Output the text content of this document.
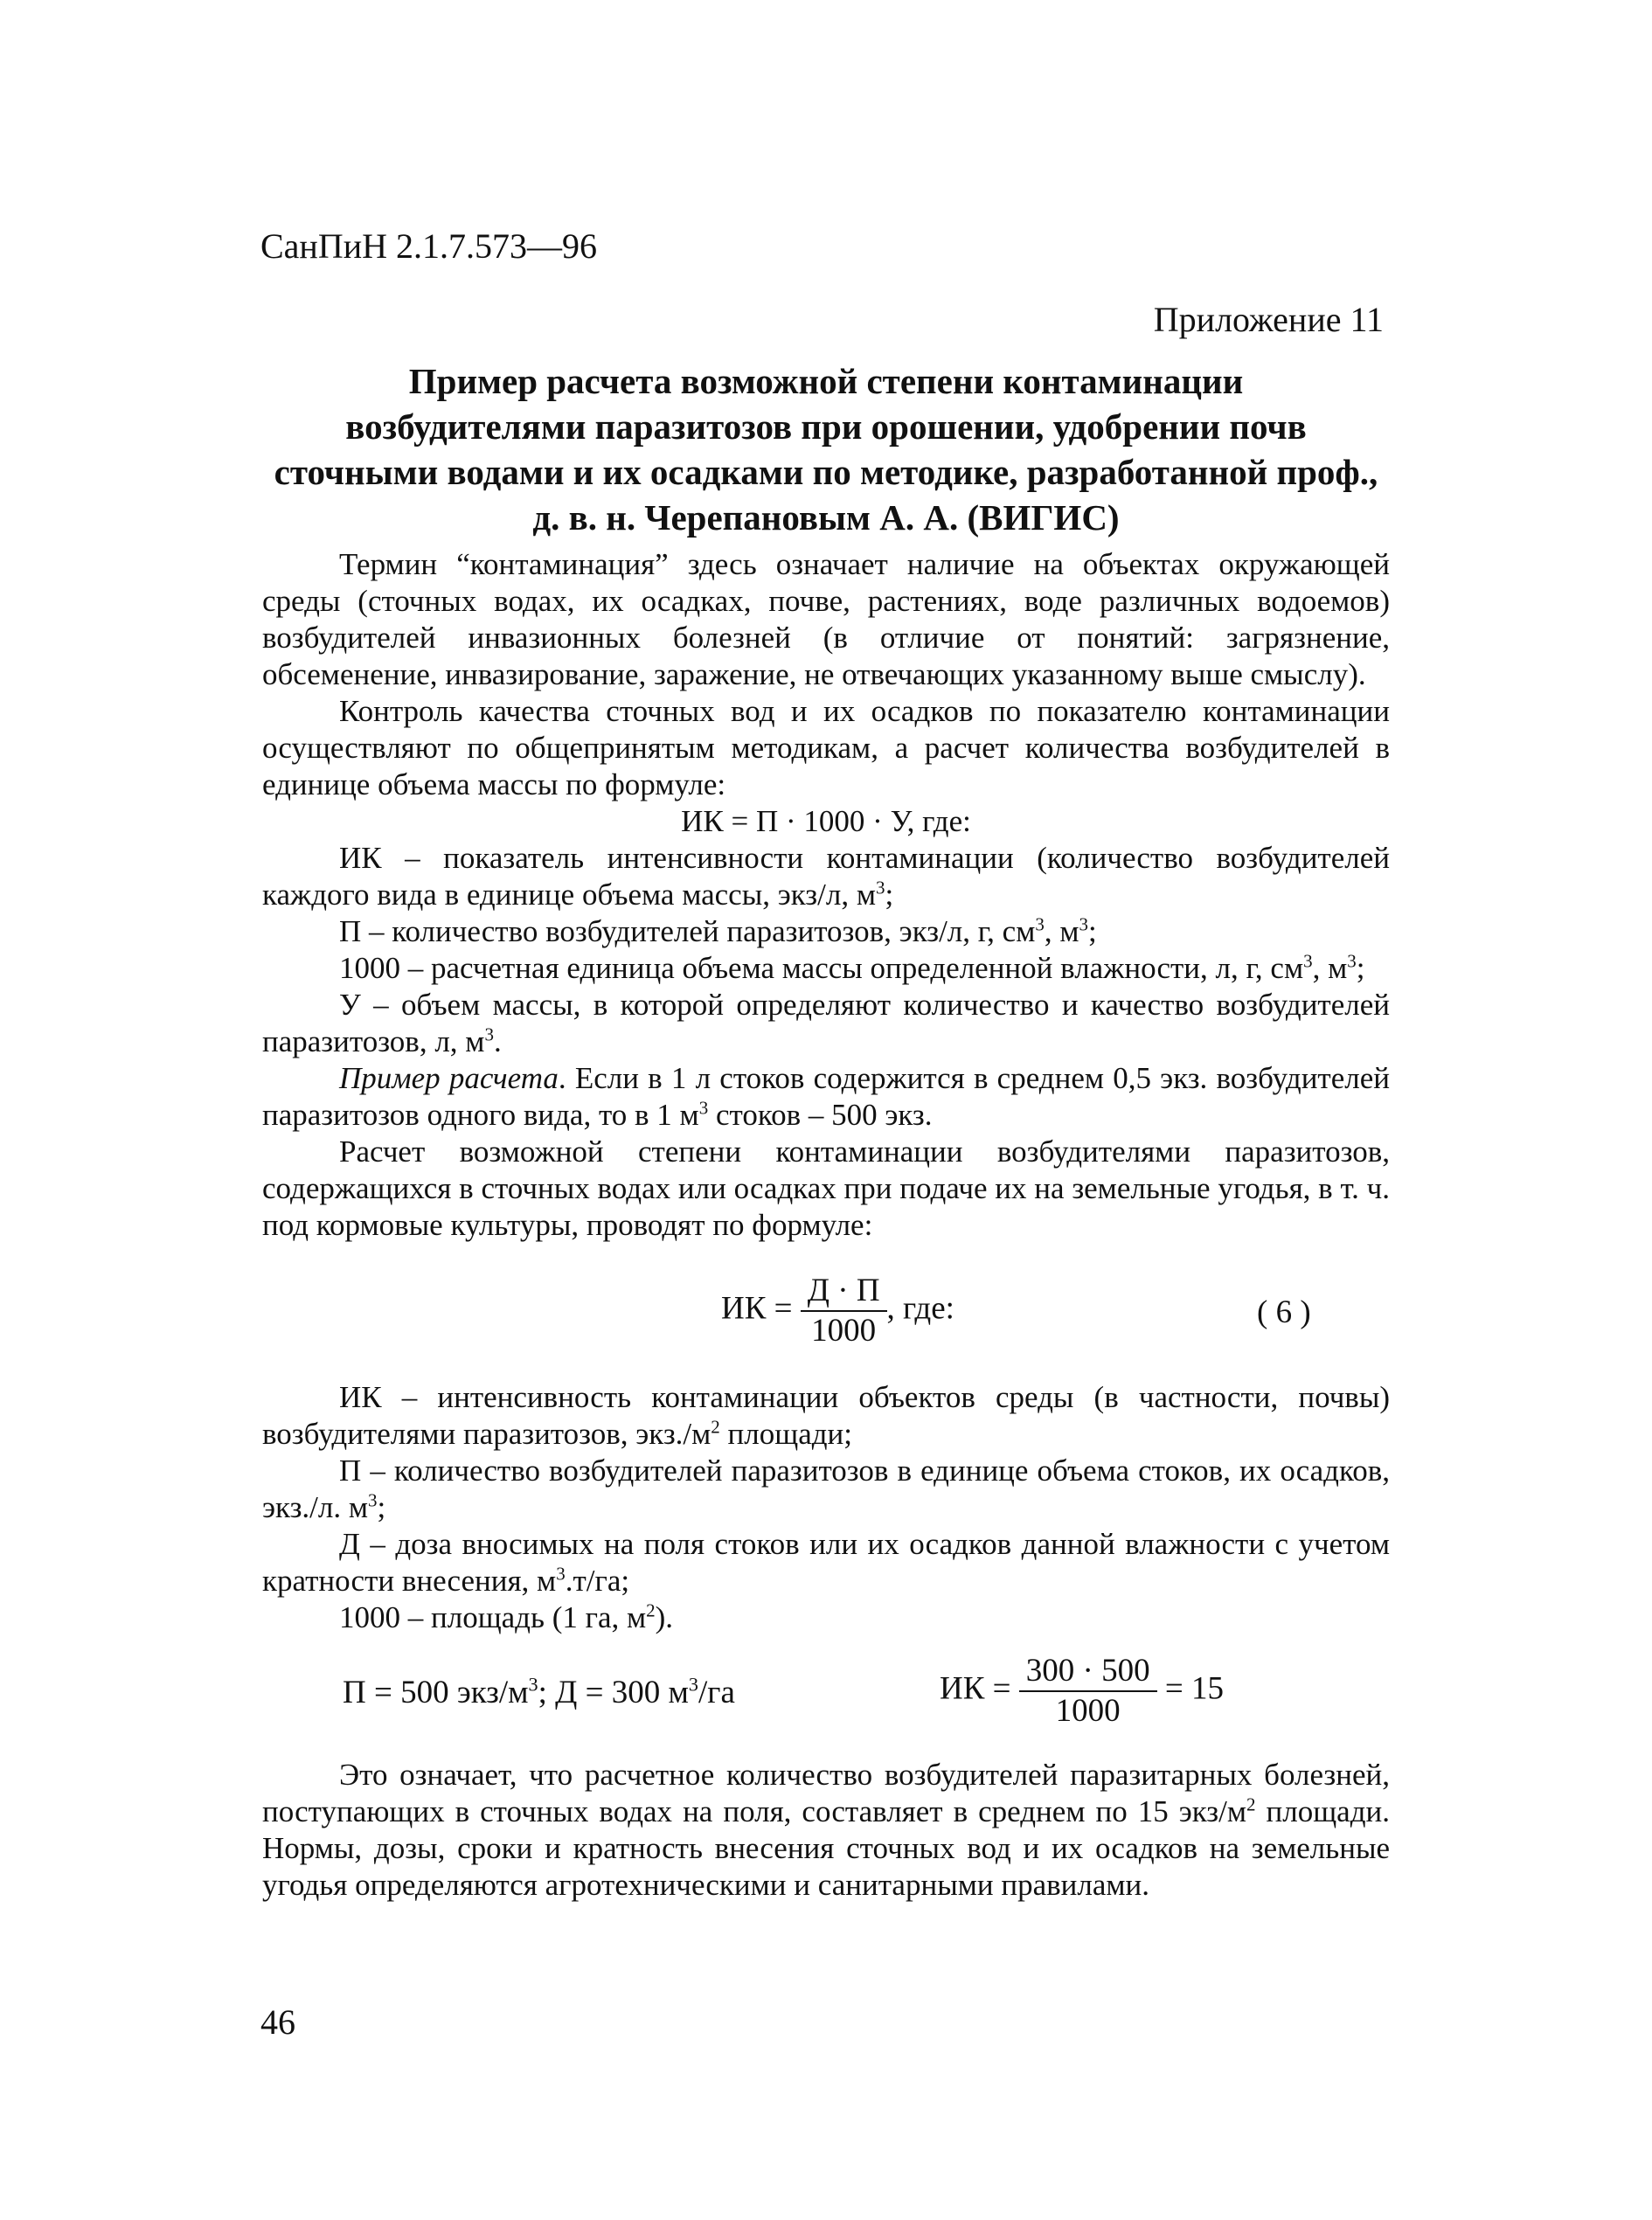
СанПиН 2.1.7.573—96
Приложение 11
Пример расчета возможной степени контаминации
возбудителями паразитозов при орошении, удобрении почв
сточными водами и их осадками по методике, разработанной проф.,
д. в. н. Черепановым А. А. (ВИГИС)

Термин “контаминация” здесь означает наличие на объектах окружающей среды (сточных водах, их осадках, почве, растениях, воде различных водоемов) возбудителей инвазионных болезней (в отличие от понятий: загрязнение, обсеменение, инвазирование, заражение, не отвечающих указанному выше смыслу).

Контроль качества сточных вод и их осадков по показателю контаминации осуществляют по общепринятым методикам, а расчет количества возбудителей в единице объема массы по формуле:

ИК = П · 1000 · У, где:

ИК – показатель интенсивности контаминации (количество возбудителей каждого вида в единице объема массы, экз/л, $м^3$;

П – количество возбудителей паразитозов, экз/л, г, $см^3$, $м^3$;

1000 – расчетная единица объема массы определенной влажности, л, г, $см^3$, $м^3$;

У – объем массы, в которой определяют количество и качество возбудителей паразитозов, л, $м^3$.

Пример расчета. Если в 1 л стоков содержится в среднем 0,5 экз. возбудителей паразитозов одного вида, то в 1 $м^3$ стоков – 500 экз.

Расчет возможной степени контаминации возбудителями паразитозов, содержащихся в сточных водах или осадках при подаче их на земельные угодья, в т. ч. под кормовые культуры, проводят по формуле:

ИК = $\frac{Д \cdot П}{1000}$ , где:	( 6 )

ИК – интенсивность контаминации объектов среды (в частности, почвы) возбудителями паразитозов, $экз./м^2$ площади;

П – количество возбудителей паразитозов в единице объема стоков, их осадков, экз./л. $м^3$;

Д – доза вносимых на поля стоков или их осадков данной влажности с учетом кратности внесения, $м^3.т/га$;

1000 – площадь (1 га, $м^2$).

П = 500 экз/$м^3$; Д = 300 $м^3/га$	ИК = $\frac{300 \cdot 500}{1000} = 15$

Это означает, что расчетное количество возбудителей паразитарных болезней, поступающих в сточных водах на поля, составляет в среднем по 15 экз/$м^2$ площади. Нормы, дозы, сроки и кратность внесения сточных вод и их осадков на земельные угодья определяются агротехническими и санитарными правилами.

46
